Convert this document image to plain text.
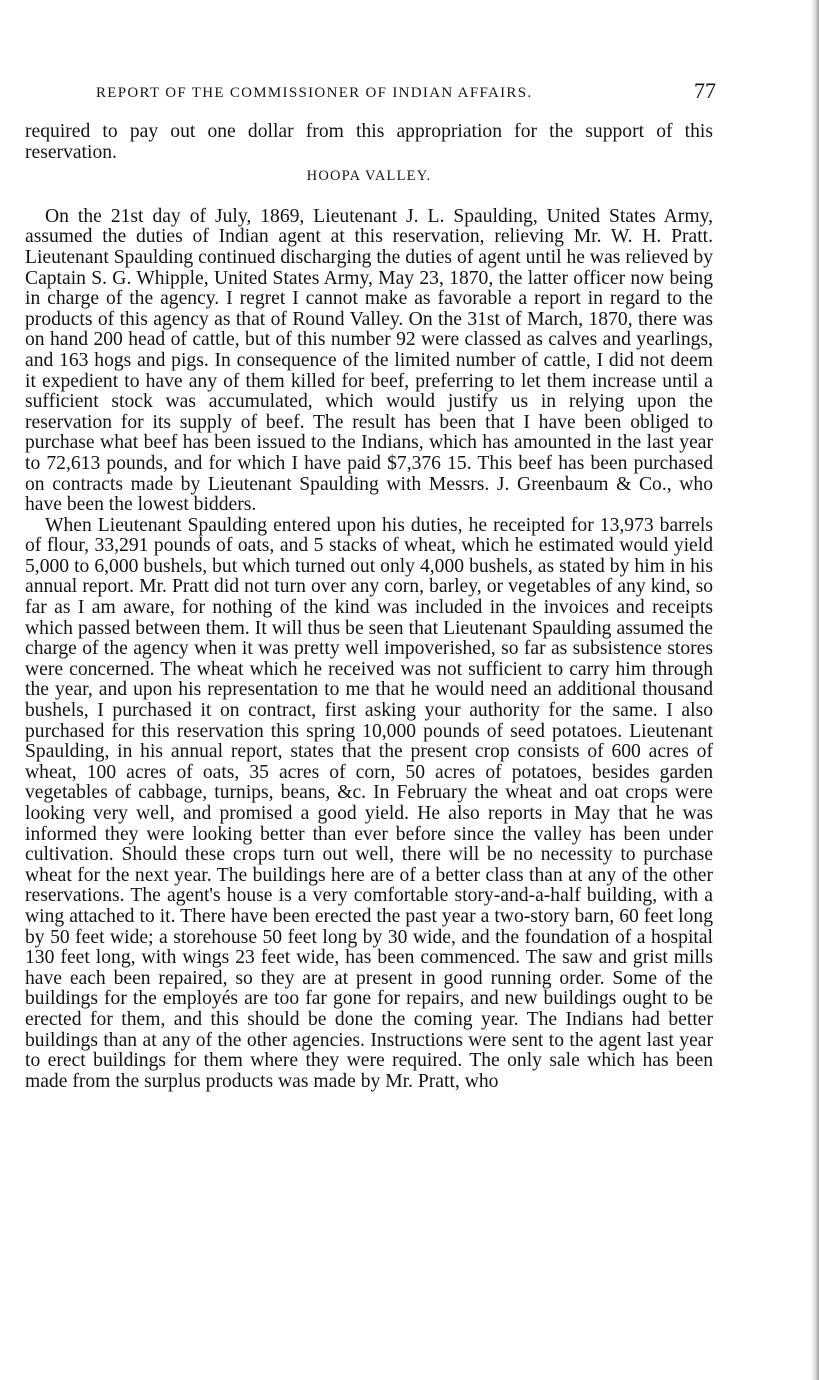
REPORT OF THE COMMISSIONER OF INDIAN AFFAIRS.	77

required to pay out one dollar from this appropriation for the support of this reservation.

HOOPA VALLEY.

On the 21st day of July, 1869, Lieutenant J. L. Spaulding, United States Army, assumed the duties of Indian agent at this reservation, relieving Mr. W. H. Pratt. Lieutenant Spaulding continued discharging the duties of agent until he was relieved by Captain S. G. Whipple, United States Army, May 23, 1870, the latter officer now being in charge of the agency. I regret I cannot make as favorable a report in regard to the products of this agency as that of Round Valley. On the 31st of March, 1870, there was on hand 200 head of cattle, but of this number 92 were classed as calves and yearlings, and 163 hogs and pigs. In consequence of the limited number of cattle, I did not deem it expedient to have any of them killed for beef, preferring to let them increase until a sufficient stock was accumulated, which would justify us in relying upon the reservation for its supply of beef. The result has been that I have been obliged to purchase what beef has been issued to the Indians, which has amounted in the last year to 72,613 pounds, and for which I have paid $7,376 15. This beef has been purchased on contracts made by Lieutenant Spaulding with Messrs. J. Greenbaum & Co., who have been the lowest bidders.

When Lieutenant Spaulding entered upon his duties, he receipted for 13,973 barrels of flour, 33,291 pounds of oats, and 5 stacks of wheat, which he estimated would yield 5,000 to 6,000 bushels, but which turned out only 4,000 bushels, as stated by him in his annual report. Mr. Pratt did not turn over any corn, barley, or vegetables of any kind, so far as I am aware, for nothing of the kind was included in the invoices and receipts which passed between them. It will thus be seen that Lieutenant Spaulding assumed the charge of the agency when it was pretty well impoverished, so far as subsistence stores were concerned. The wheat which he received was not sufficient to carry him through the year, and upon his representation to me that he would need an additional thousand bushels, I purchased it on contract, first asking your authority for the same. I also purchased for this reservation this spring 10,000 pounds of seed potatoes. Lieutenant Spaulding, in his annual report, states that the present crop consists of 600 acres of wheat, 100 acres of oats, 35 acres of corn, 50 acres of potatoes, besides garden vegetables of cabbage, turnips, beans, &c. In February the wheat and oat crops were looking very well, and promised a good yield. He also reports in May that he was informed they were looking better than ever before since the valley has been under cultivation. Should these crops turn out well, there will be no necessity to purchase wheat for the next year. The buildings here are of a better class than at any of the other reservations. The agent's house is a very comfortable story-and-a-half building, with a wing attached to it. There have been erected the past year a two-story barn, 60 feet long by 50 feet wide; a storehouse 50 feet long by 30 wide, and the foundation of a hospital 130 feet long, with wings 23 feet wide, has been commenced. The saw and grist mills have each been repaired, so they are at present in good running order. Some of the buildings for the employés are too far gone for repairs, and new buildings ought to be erected for them, and this should be done the coming year. The Indians had better buildings than at any of the other agencies. Instructions were sent to the agent last year to erect buildings for them where they were required. The only sale which has been made from the surplus products was made by Mr. Pratt, who
